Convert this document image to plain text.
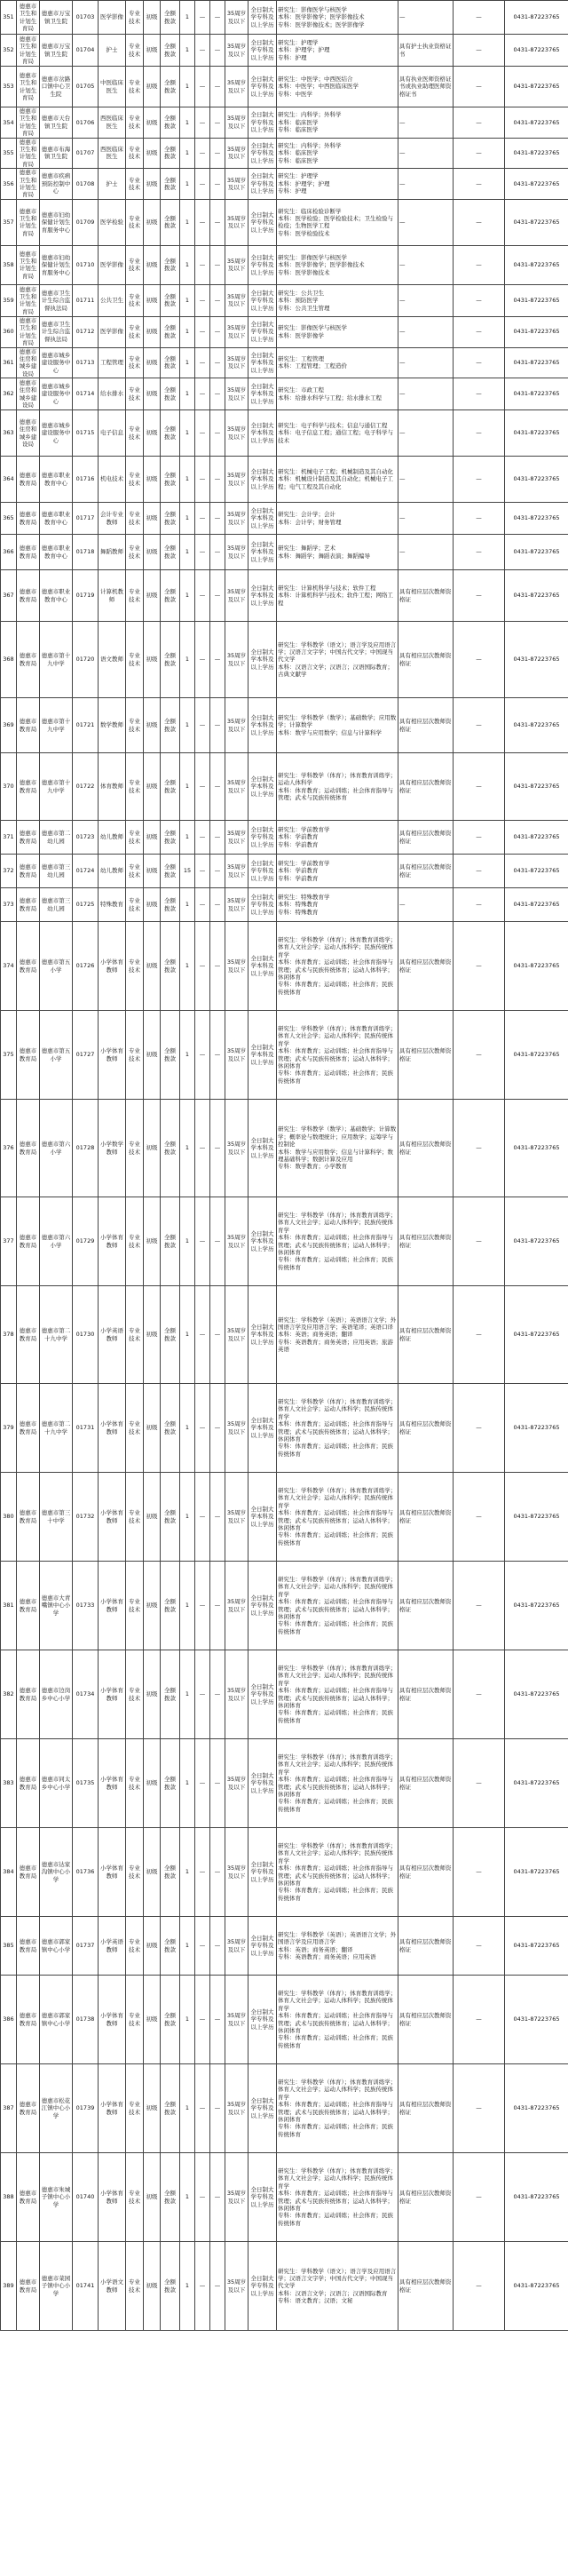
351	德惠市卫生和计划生育局	德惠市万宝镇卫生院	01703	医学影像	专业技术	初级	全额拨款	1	—	—	35周岁及以下	全日制大学专科及以上学历	研究生：影像医学与核医学
本科：医学影像学；医学影像技术
专科：医学影像技术；医学影像学	—	—	0431-87223765
352	德惠市卫生和计划生育局	德惠市万宝镇卫生院	01704	护士	专业技术	初级	全额拨款	1	—	—	35周岁及以下	全日制大学专科及以上学历	研究生：护理学
本科：护理学；护理
专科：护理	具有护士执业资格证书	—	0431-87223765
353	德惠市卫生和计划生育局	德惠市岔路口镇中心卫生院	01705	中医临床医生	专业技术	初级	全额拨款	1	—	—	35周岁及以下	全日制大学专科及以上学历	研究生：中医学；中西医结合
本科：中医学；中西医临床医学
专科：中医学	具有执业医师资格证书或执业助理医师资格证书	—	0431-87223765
354	德惠市卫生和计划生育局	德惠市天台镇卫生院	01706	西医临床医生	专业技术	初级	全额拨款	1	—	—	35周岁及以下	全日制大学专科及以上学历	研究生：内科学；外科学
本科：临床医学
专科：临床医学	—	—	0431-87223765
355	德惠市卫生和计划生育局	德惠市布海镇卫生院	01707	西医临床医生	专业技术	初级	全额拨款	1	—	—	35周岁及以下	全日制大学专科及以上学历	研究生：内科学；外科学
本科：临床医学
专科：临床医学	—	—	0431-87223765
356	德惠市卫生和计划生育局	德惠市疾病预防控制中心	01708	护士	专业技术	初级	全额拨款	1	—	—	35周岁及以下	全日制大学专科及以上学历	研究生：护理学
本科：护理学；护理
专科：护理	—	—	0431-87223765
357	德惠市卫生和计划生育局	德惠市妇幼保健计划生育服务中心	01709	医学检验	专业技术	初级	全额拨款	1	—	—	35周岁及以下	全日制大学专科及以上学历	研究生：临床检验诊断学
本科：医学检验；医学检验技术；卫生检验与检疫；生物医学工程
专科：医学检验技术	—	—	0431-87223765
358	德惠市卫生和计划生育局	德惠市妇幼保健计划生育服务中心	01710	医学影像	专业技术	初级	全额拨款	1	—	—	35周岁及以下	全日制大学专科及以上学历	研究生：影像医学与核医学
本科：医学影像学；医学影像技术
专科：医学影像技术	—	—	0431-87223765
359	德惠市卫生和计划生育局	德惠市卫生计生综合监督执法局	01711	公共卫生	专业技术	初级	全额拨款	1	—	—	35周岁及以下	全日制大学专科及以上学历	研究生：公共卫生
本科：预防医学
专科：公共卫生管理	—	—	0431-87223765
360	德惠市卫生和计划生育局	德惠市卫生计生综合监督执法局	01712	医学影像	专业技术	初级	全额拨款	1	—	—	35周岁及以下	全日制大学专科及以上学历	研究生：影像医学与核医学
本科：医学影像学	—	—	0431-87223765
361	德惠市住房和城乡建设局	德惠市城乡建设服务中心	01713	工程管理	专业技术	初级	全额拨款	1	—	—	35周岁及以下	全日制大学本科及以上学历	研究生：工程管理
本科：工程管理；工程造价	—	—	0431-87223765
362	德惠市住房和城乡建设局	德惠市城乡建设服务中心	01714	给水排水	专业技术	初级	全额拨款	1	—	—	35周岁及以下	全日制大学本科及以上学历	研究生：市政工程
本科：给排水科学与工程；给水排水工程	—	—	0431-87223765
363	德惠市住房和城乡建设局	德惠市城乡建设服务中心	01715	电子信息	专业技术	初级	全额拨款	1	—	—	35周岁及以下	全日制大学本科及以上学历	研究生：电子科学与技术；信息与通信工程
本科：电子信息工程；通信工程；电子科学与技术	—	—	0431-87223765
364	德惠市教育局	德惠市职业教育中心	01716	机电技术	专业技术	初级	全额拨款	1	—	—	35周岁及以下	全日制大学本科及以上学历	研究生：机械电子工程；机械制造及其自动化
本科：机械设计制造及其自动化；机械电子工程；电气工程及其自动化	—	—	0431-87223765
365	德惠市教育局	德惠市职业教育中心	01717	会计专业教师	专业技术	初级	全额拨款	1	—	—	35周岁及以下	全日制大学本科及以上学历	研究生：会计学；会计
本科：会计学；财务管理	—	—	0431-87223765
366	德惠市教育局	德惠市职业教育中心	01718	舞蹈教师	专业技术	初级	全额拨款	1	—	—	35周岁及以下	全日制大学本科及以上学历	研究生：舞蹈学；艺术
本科：舞蹈学；舞蹈表演；舞蹈编导	—	—	0431-87223765
367	德惠市教育局	德惠市职业教育中心	01719	计算机教师	专业技术	初级	全额拨款	1	—	—	35周岁及以下	全日制大学本科及以上学历	研究生：计算机科学与技术；软件工程
本科：计算机科学与技术；软件工程；网络工程	具有相应层次教师资格证	—	0431-87223765
368	德惠市教育局	德惠市第十九中学	01720	语文教师	专业技术	初级	全额拨款	1	—	—	35周岁及以下	全日制大学本科及以上学历	研究生：学科教学（语文）；语言学及应用语言学；汉语言文字学；中国古代文学；中国现当代文学
本科：汉语言文学；汉语言；汉语国际教育；古典文献学	具有相应层次教师资格证	—	0431-87223765
369	德惠市教育局	德惠市第十九中学	01721	数学教师	专业技术	初级	全额拨款	1	—	—	35周岁及以下	全日制大学本科及以上学历	研究生：学科教学（数学）；基础数学；应用数学；计算数学
本科：数学与应用数学；信息与计算科学	具有相应层次教师资格证	—	0431-87223765
370	德惠市教育局	德惠市第十九中学	01722	体育教师	专业技术	初级	全额拨款	1	—	—	35周岁及以下	全日制大学本科及以上学历	研究生：学科教学（体育）；体育教育训练学；运动人体科学
本科：体育教育；运动训练；社会体育指导与管理；武术与民族传统体育	具有相应层次教师资格证	—	0431-87223765
371	德惠市教育局	德惠市第二幼儿园	01723	幼儿教师	专业技术	初级	全额拨款	1	—	—	35周岁及以下	全日制大学专科及以上学历	研究生：学前教育学
本科：学前教育
专科：学前教育	具有相应层次教师资格证	—	0431-87223765
372	德惠市教育局	德惠市第三幼儿园	01724	幼儿教师	专业技术	初级	全额拨款	15	—	—	35周岁及以下	全日制大学专科及以上学历	研究生：学前教育学
本科：学前教育
专科：学前教育	具有相应层次教师资格证	—	0431-87223765
373	德惠市教育局	德惠市第三幼儿园	01725	特殊教育	专业技术	初级	全额拨款	1	—	—	35周岁及以下	全日制大学专科及以上学历	研究生：特殊教育学
本科：特殊教育
专科：特殊教育	—	—	0431-87223765
374	德惠市教育局	德惠市第五小学	01726	小学体育教师	专业技术	初级	全额拨款	1	—	—	35周岁及以下	全日制大学本科及以上学历	研究生：学科教学（体育）；体育教育训练学；体育人文社会学；运动人体科学；民族传统体育学
本科：体育教育；运动训练；社会体育指导与管理；武术与民族传统体育；运动人体科学；休闲体育
专科：体育教育；运动训练；社会体育；民族传统体育	具有相应层次教师资格证	—	0431-87223765
375	德惠市教育局	德惠市第五小学	01727	小学体育教师	专业技术	初级	全额拨款	1	—	—	35周岁及以下	全日制大学本科及以上学历	研究生：学科教学（体育）；体育教育训练学；体育人文社会学；运动人体科学；民族传统体育学
本科：体育教育；运动训练；社会体育指导与管理；武术与民族传统体育；运动人体科学；休闲体育
专科：体育教育；运动训练；社会体育；民族传统体育	具有相应层次教师资格证	—	0431-87223765
376	德惠市教育局	德惠市第六小学	01728	小学数学教师	专业技术	初级	全额拨款	1	—	—	35周岁及以下	全日制大学本科及以上学历	研究生：学科教学（数学）；基础数学；计算数学；概率论与数理统计；应用数学；运筹学与控制论
本科：数学与应用数学；信息与计算科学；数理基础科学；数据计算及应用
专科：数学教育；小学教育	具有相应层次教师资格证	—	0431-87223765
377	德惠市教育局	德惠市第六小学	01729	小学体育教师	专业技术	初级	全额拨款	1	—	—	35周岁及以下	全日制大学本科及以上学历	研究生：学科教学（体育）；体育教育训练学；体育人文社会学；运动人体科学；民族传统体育学
本科：体育教育；运动训练；社会体育指导与管理；武术与民族传统体育；运动人体科学；休闲体育
专科：体育教育；运动训练；社会体育；民族传统体育	具有相应层次教师资格证	—	0431-87223765
378	德惠市教育局	德惠市第二十九中学	01730	小学英语教师	专业技术	初级	全额拨款	1	—	—	35周岁及以下	全日制大学本科及以上学历	研究生：学科教学（英语）；英语语言文学；外国语言学及应用语言学；英语笔译；英语口译
本科：英语；商务英语；翻译
专科：英语教育；商务英语；应用英语；旅游英语	具有相应层次教师资格证	—	0431-87223765
379	德惠市教育局	德惠市第二十九中学	01731	小学体育教师	专业技术	初级	全额拨款	1	—	—	35周岁及以下	全日制大学本科及以上学历	研究生：学科教学（体育）；体育教育训练学；体育人文社会学；运动人体科学；民族传统体育学
本科：体育教育；运动训练；社会体育指导与管理；武术与民族传统体育；运动人体科学；休闲体育
专科：体育教育；运动训练；社会体育；民族传统体育	具有相应层次教师资格证	—	0431-87223765
380	德惠市教育局	德惠市第三十中学	01732	小学体育教师	专业技术	初级	全额拨款	1	—	—	35周岁及以下	全日制大学本科及以上学历	研究生：学科教学（体育）；体育教育训练学；体育人文社会学；运动人体科学；民族传统体育学
本科：体育教育；运动训练；社会体育指导与管理；武术与民族传统体育；运动人体科学；休闲体育
专科：体育教育；运动训练；社会体育；民族传统体育	具有相应层次教师资格证	—	0431-87223765
381	德惠市教育局	德惠市大青嘴镇中心小学	01733	小学体育教师	专业技术	初级	全额拨款	1	—	—	35周岁及以下	全日制大学专科及以上学历	研究生：学科教学（体育）；体育教育训练学；体育人文社会学；运动人体科学；民族传统体育学
本科：体育教育；运动训练；社会体育指导与管理；武术与民族传统体育；运动人体科学；休闲体育
专科：体育教育；运动训练；社会体育；民族传统体育	具有相应层次教师资格证	—	0431-87223765
382	德惠市教育局	德惠市边岗乡中心小学	01734	小学体育教师	专业技术	初级	全额拨款	1	—	—	35周岁及以下	全日制大学专科及以上学历	研究生：学科教学（体育）；体育教育训练学；体育人文社会学；运动人体科学；民族传统体育学
本科：体育教育；运动训练；社会体育指导与管理；武术与民族传统体育；运动人体科学；休闲体育
专科：体育教育；运动训练；社会体育；民族传统体育	具有相应层次教师资格证	—	0431-87223765
383	德惠市教育局	德惠市同太乡中心小学	01735	小学体育教师	专业技术	初级	全额拨款	1	—	—	35周岁及以下	全日制大学专科及以上学历	研究生：学科教学（体育）；体育教育训练学；体育人文社会学；运动人体科学；民族传统体育学
本科：体育教育；运动训练；社会体育指导与管理；武术与民族传统体育；运动人体科学；休闲体育
专科：体育教育；运动训练；社会体育；民族传统体育	具有相应层次教师资格证	—	0431-87223765
384	德惠市教育局	德惠市达家沟镇中心小学	01736	小学体育教师	专业技术	初级	全额拨款	1	—	—	35周岁及以下	全日制大学专科及以上学历	研究生：学科教学（体育）；体育教育训练学；体育人文社会学；运动人体科学；民族传统体育学
本科：体育教育；运动训练；社会体育指导与管理；武术与民族传统体育；运动人体科学；休闲体育
专科：体育教育；运动训练；社会体育；民族传统体育	具有相应层次教师资格证	—	0431-87223765
385	德惠市教育局	德惠市郭家镇中心小学	01737	小学英语教师	专业技术	初级	全额拨款	1	—	—	35周岁及以下	全日制大学专科及以上学历	研究生：学科教学（英语）；英语语言文学；外国语言学及应用语言学
本科：英语；商务英语；翻译
专科：英语教育；商务英语；应用英语	具有相应层次教师资格证	—	0431-87223765
386	德惠市教育局	德惠市郭家镇中心小学	01738	小学体育教师	专业技术	初级	全额拨款	1	—	—	35周岁及以下	全日制大学专科及以上学历	研究生：学科教学（体育）；体育教育训练学；体育人文社会学；运动人体科学；民族传统体育学
本科：体育教育；运动训练；社会体育指导与管理；武术与民族传统体育；运动人体科学；休闲体育
专科：体育教育；运动训练；社会体育；民族传统体育	具有相应层次教师资格证	—	0431-87223765
387	德惠市教育局	德惠市松花江镇中心小学	01739	小学体育教师	专业技术	初级	全额拨款	1	—	—	35周岁及以下	全日制大学专科及以上学历	研究生：学科教学（体育）；体育教育训练学；体育人文社会学；运动人体科学；民族传统体育学
本科：体育教育；运动训练；社会体育指导与管理；武术与民族传统体育；运动人体科学；休闲体育
专科：体育教育；运动训练；社会体育；民族传统体育	具有相应层次教师资格证	—	0431-87223765
388	德惠市教育局	德惠市朱城子镇中心小学	01740	小学体育教师	专业技术	初级	全额拨款	1	—	—	35周岁及以下	全日制大学专科及以上学历	研究生：学科教学（体育）；体育教育训练学；体育人文社会学；运动人体科学；民族传统体育学
本科：体育教育；运动训练；社会体育指导与管理；武术与民族传统体育；运动人体科学；休闲体育
专科：体育教育；运动训练；社会体育；民族传统体育	具有相应层次教师资格证	—	0431-87223765
389	德惠市教育局	德惠市菜园子镇中心小学	01741	小学语文教师	专业技术	初级	全额拨款	1	—	—	35周岁及以下	全日制大学专科及以上学历	研究生：学科教学（语文）；语言学及应用语言学；汉语言文字学；中国古代文学；中国现当代文学
本科：汉语言文学；汉语言；汉语国际教育
专科：语文教育；汉语；文秘	具有相应层次教师资格证	—	0431-87223765
